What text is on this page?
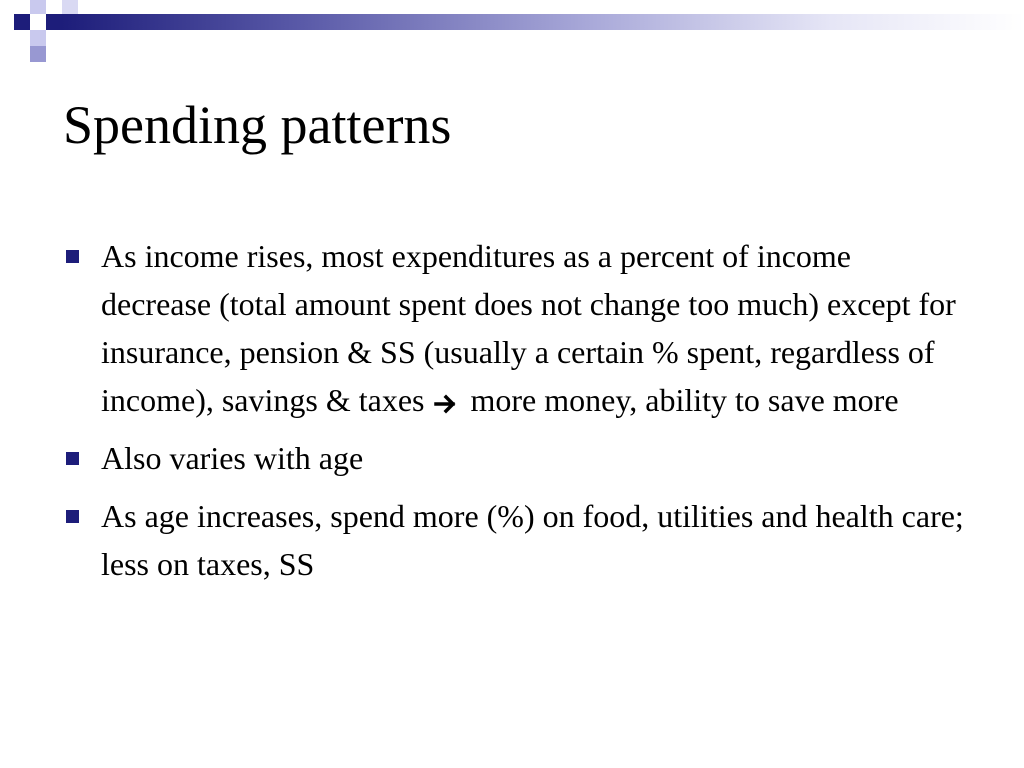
Spending patterns
As income rises, most expenditures as a percent of income decrease (total amount spent does not change too much) except for insurance, pension & SS (usually a certain % spent, regardless of income), savings & taxes more money, ability to save more
Also varies with age
As age increases, spend more (%) on food, utilities and health care; less on taxes, SS
